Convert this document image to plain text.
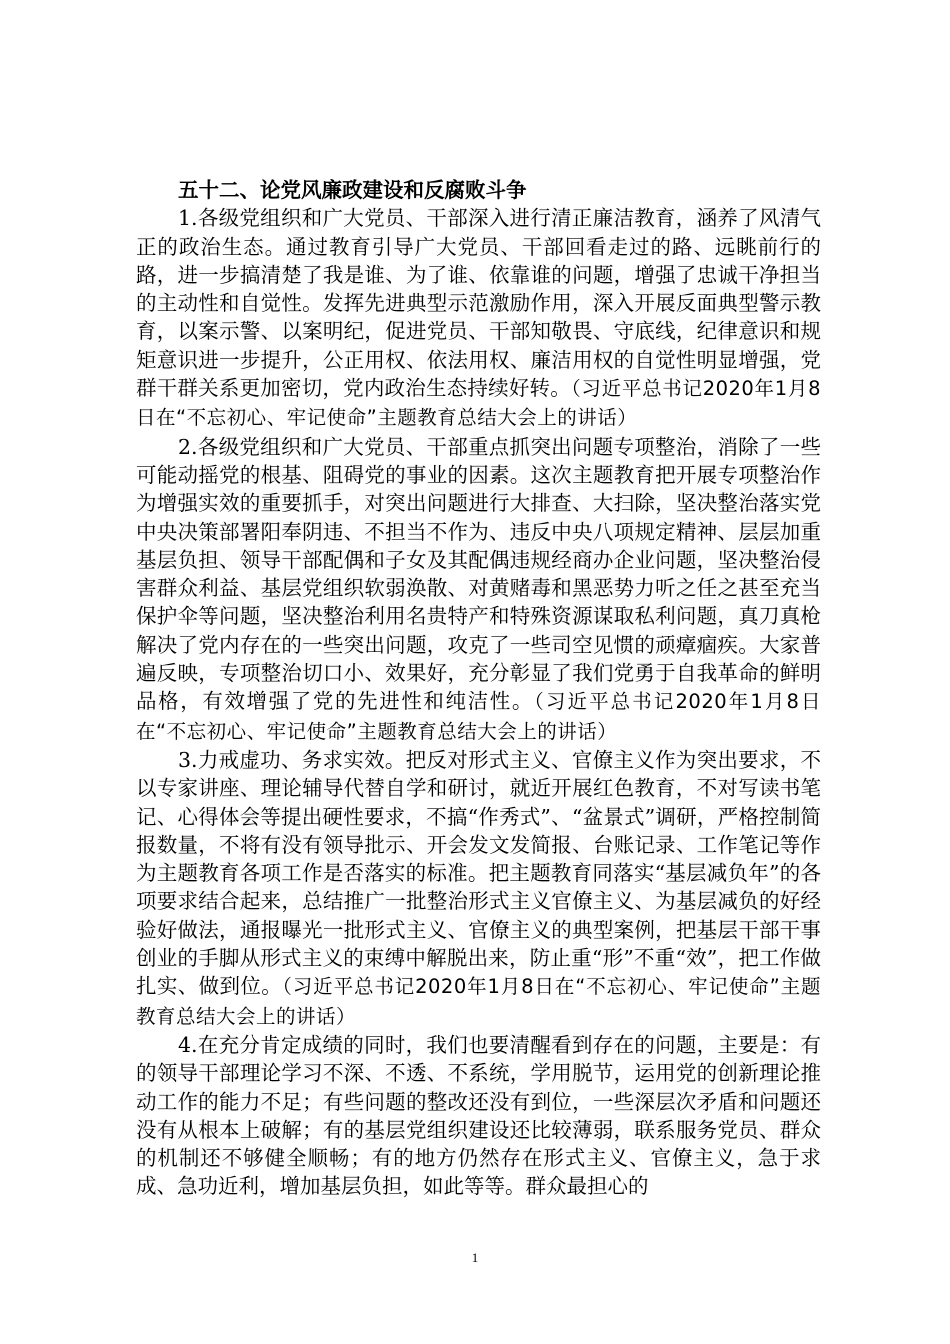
五十二、论党风廉政建设和反腐败斗争

1.各级党组织和广大党员、干部深入进行清正廉洁教育，涵养了风清气正的政治生态。通过教育引导广大党员、干部回看走过的路、远眺前行的路，进一步搞清楚了我是谁、为了谁、依靠谁的问题，增强了忠诚干净担当的主动性和自觉性。发挥先进典型示范激励作用，深入开展反面典型警示教育，以案示警、以案明纪，促进党员、干部知敬畏、守底线，纪律意识和规矩意识进一步提升，公正用权、依法用权、廉洁用权的自觉性明显增强，党群干群关系更加密切，党内政治生态持续好转。（习近平总书记2020年1月8日在“不忘初心、牢记使命”主题教育总结大会上的讲话）

2.各级党组织和广大党员、干部重点抓突出问题专项整治，消除了一些可能动摇党的根基、阻碍党的事业的因素。这次主题教育把开展专项整治作为增强实效的重要抓手，对突出问题进行大排查、大扫除，坚决整治落实党中央决策部署阳奉阴违、不担当不作为、违反中央八项规定精神、层层加重基层负担、领导干部配偶和子女及其配偶违规经商办企业问题，坚决整治侵害群众利益、基层党组织软弱涣散、对黄赌毒和黑恶势力听之任之甚至充当保护伞等问题，坚决整治利用名贵特产和特殊资源谋取私利问题，真刀真枪解决了党内存在的一些突出问题，攻克了一些司空见惯的顽瘴痼疾。大家普遍反映，专项整治切口小、效果好，充分彰显了我们党勇于自我革命的鲜明品格，有效增强了党的先进性和纯洁性。（习近平总书记2020年1月8日在“不忘初心、牢记使命”主题教育总结大会上的讲话）

3.力戒虚功、务求实效。把反对形式主义、官僚主义作为突出要求，不以专家讲座、理论辅导代替自学和研讨，就近开展红色教育，不对写读书笔记、心得体会等提出硬性要求，不搞“作秀式”、“盆景式”调研，严格控制简报数量，不将有没有领导批示、开会发文发简报、台账记录、工作笔记等作为主题教育各项工作是否落实的标准。把主题教育同落实“基层减负年”的各项要求结合起来，总结推广一批整治形式主义官僚主义、为基层减负的好经验好做法，通报曝光一批形式主义、官僚主义的典型案例，把基层干部干事创业的手脚从形式主义的束缚中解脱出来，防止重“形”不重“效”，把工作做扎实、做到位。（习近平总书记2020年1月8日在“不忘初心、牢记使命”主题教育总结大会上的讲话）

4.在充分肯定成绩的同时，我们也要清醒看到存在的问题，主要是：有的领导干部理论学习不深、不透、不系统，学用脱节，运用党的创新理论推动工作的能力不足；有些问题的整改还没有到位，一些深层次矛盾和问题还没有从根本上破解；有的基层党组织建设还比较薄弱，联系服务党员、群众的机制还不够健全顺畅；有的地方仍然存在形式主义、官僚主义，急于求成、急功近利，增加基层负担，如此等等。群众最担心的

1
